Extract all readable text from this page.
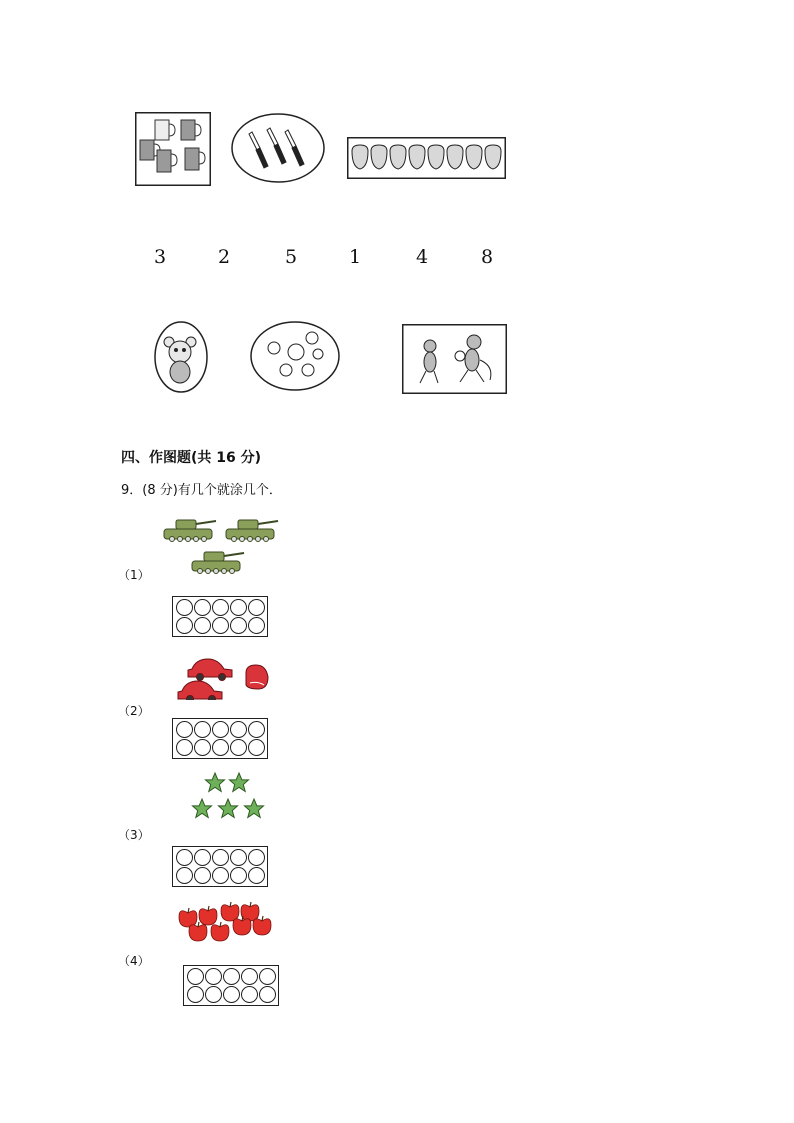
3	2	5	1	4	8
四、作图题(共 16 分)
9．(8 分)有几个就涂几个．
（1）
（2）
（3）
（4）
